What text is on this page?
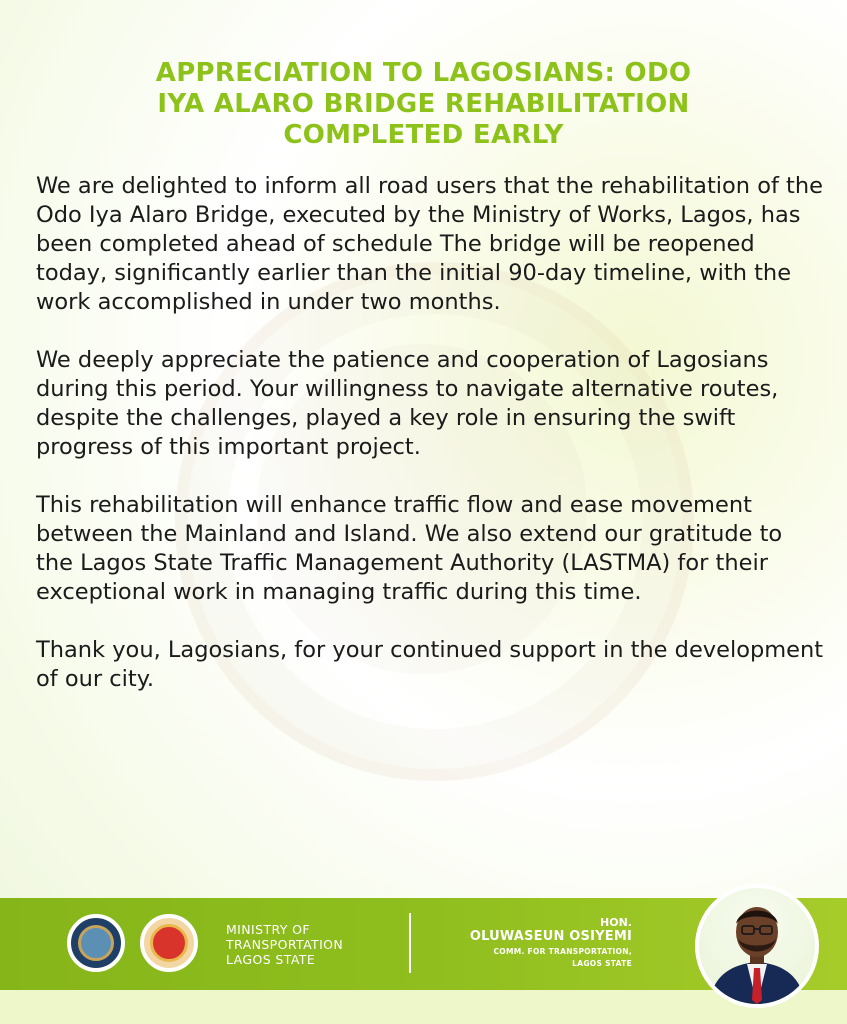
APPRECIATION TO LAGOSIANS: ODO
IYA ALARO BRIDGE REHABILITATION
COMPLETED EARLY

We are delighted to inform all road users that the rehabilitation of the Odo Iya Alaro Bridge, executed by the Ministry of Works, Lagos, has been completed ahead of schedule The bridge will be reopened today, significantly earlier than the initial 90-day timeline, with the work accomplished in under two months.

We deeply appreciate the patience and cooperation of Lagosians during this period. Your willingness to navigate alternative routes, despite the challenges, played a key role in ensuring the swift progress of this important project.

This rehabilitation will enhance traffic flow and ease movement between the Mainland and Island. We also extend our gratitude to the Lagos State Traffic Management Authority (LASTMA) for their exceptional work in managing traffic during this time.

Thank you, Lagosians, for your continued support in the development of our city.

MINISTRY OF
TRANSPORTATION
LAGOS STATE
HON.
OLUWASEUN OSIYEMI
COMM. FOR TRANSPORTATION,
LAGOS STATE
